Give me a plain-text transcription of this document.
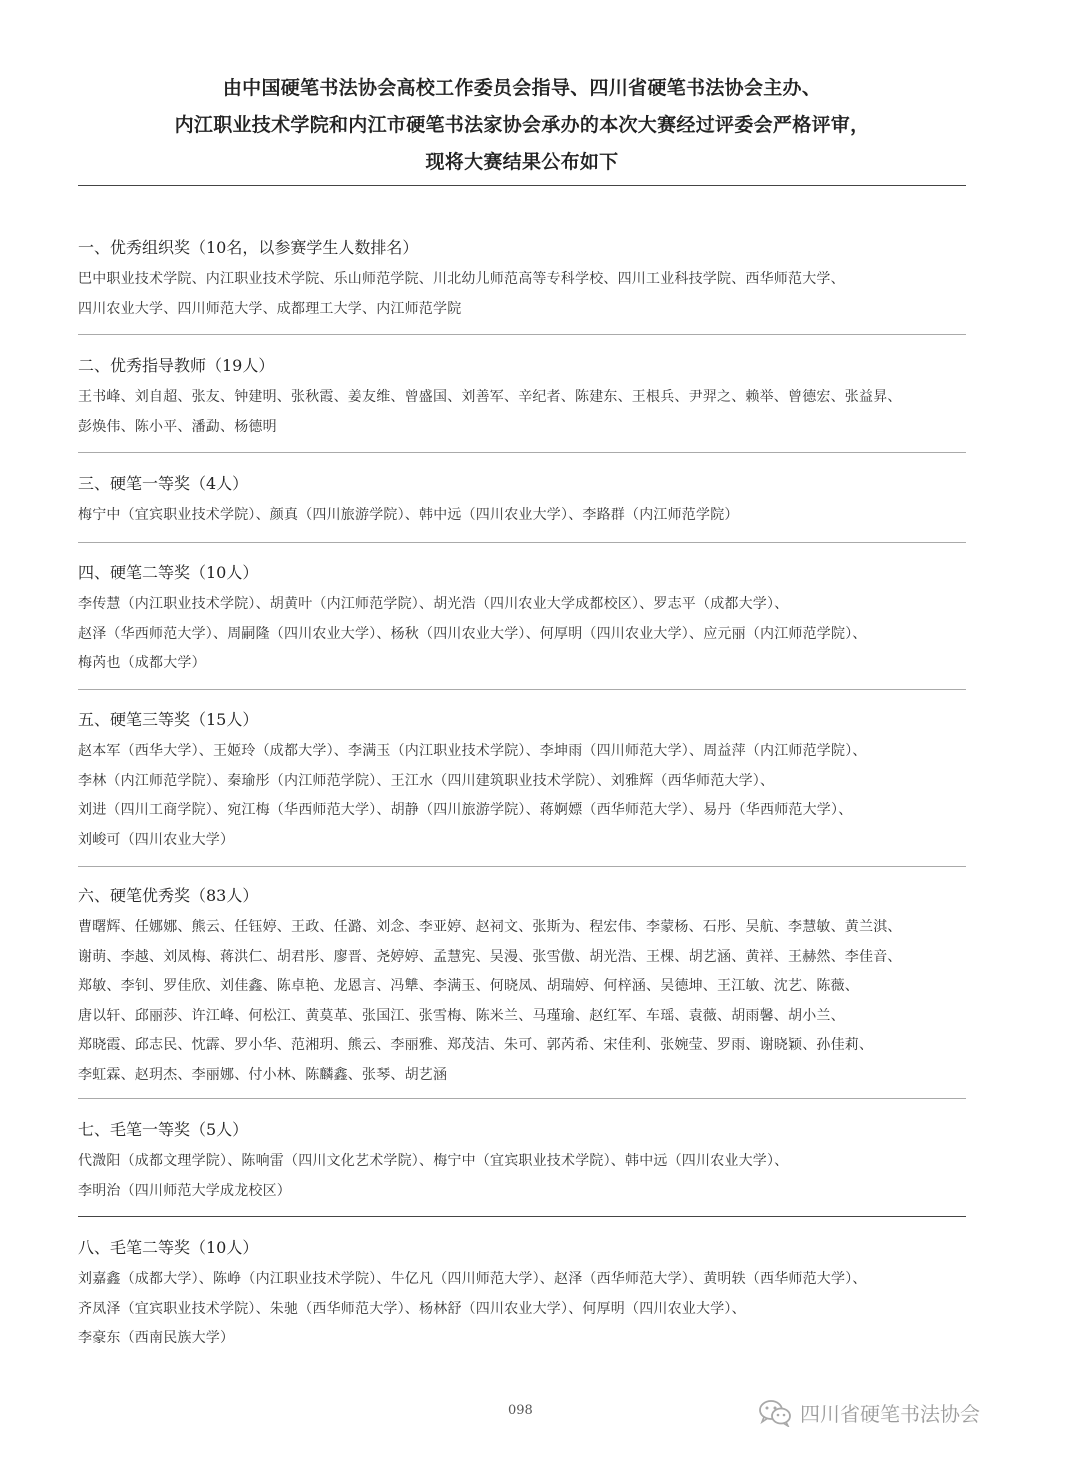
由中国硬笔书法协会高校工作委员会指导、四川省硬笔书法协会主办、
内江职业技术学院和内江市硬笔书法家协会承办的本次大赛经过评委会严格评审，
现将大赛结果公布如下
一、优秀组织奖（10名，以参赛学生人数排名）
巴中职业技术学院、内江职业技术学院、乐山师范学院、川北幼儿师范高等专科学校、四川工业科技学院、西华师范大学、
四川农业大学、四川师范大学、成都理工大学、内江师范学院
二、优秀指导教师（19人）
王书峰、刘自超、张友、钟建明、张秋霞、姜友维、曾盛国、刘善军、辛纪者、陈建东、王根兵、尹羿之、赖举、曾德宏、张益昇、
彭焕伟、陈小平、潘勐、杨德明
三、硬笔一等奖（4人）
梅宁中（宜宾职业技术学院）、颜真（四川旅游学院）、韩中远（四川农业大学）、李路群（内江师范学院）
四、硬笔二等奖（10人）
李传慧（内江职业技术学院）、胡黄叶（内江师范学院）、胡光浩（四川农业大学成都校区）、罗志平（成都大学）、
赵泽（华西师范大学）、周嗣隆（四川农业大学）、杨秋（四川农业大学）、何厚明（四川农业大学）、应元丽（内江师范学院）、
梅芮也（成都大学）
五、硬笔三等奖（15人）
赵本军（西华大学）、王姬玲（成都大学）、李满玉（内江职业技术学院）、李坤雨（四川师范大学）、周益萍（内江师范学院）、
李林（内江师范学院）、秦瑜彤（内江师范学院）、王江水（四川建筑职业技术学院）、刘雅辉（西华师范大学）、
刘进（四川工商学院）、宛江梅（华西师范大学）、胡静（四川旅游学院）、蒋婀嫖（西华师范大学）、易丹（华西师范大学）、
刘峻可（四川农业大学）
六、硬笔优秀奖（83人）
曹曙辉、任娜娜、熊云、任钰婷、王政、任潞、刘念、李亚婷、赵祠文、张斯为、程宏伟、李蒙杨、石彤、吴航、李慧敏、黄兰淇、
谢萌、李越、刘凤梅、蒋洪仁、胡君彤、廖晋、尧婷婷、孟慧宪、吴漫、张雪傲、胡光浩、王棵、胡艺涵、黄祥、王赫然、李佳音、
郑敏、李钊、罗佳欣、刘佳鑫、陈卓艳、龙恩言、冯犨、李满玉、何晓凤、胡瑞婷、何梓涵、吴德坤、王江敏、沈艺、陈薇、
唐以轩、邱丽莎、许江峰、何松江、黄莫革、张国江、张雪梅、陈米兰、马瑾瑜、赵红军、车瑶、袁薇、胡雨馨、胡小兰、
郑晓霞、邱志民、忱霹、罗小华、范湘玥、熊云、李丽雅、郑茂洁、朱可、郭芮希、宋佳利、张婉莹、罗雨、谢晓颖、孙佳莉、
李虹霖、赵玥杰、李丽娜、付小林、陈麟鑫、张琴、胡艺涵
七、毛笔一等奖（5人）
代溦阳（成都文理学院）、陈响雷（四川文化艺术学院）、梅宁中（宜宾职业技术学院）、韩中远（四川农业大学）、
李明治（四川师范大学成龙校区）
八、毛笔二等奖（10人）
刘嘉鑫（成都大学）、陈峥（内江职业技术学院）、牛亿凡（四川师范大学）、赵泽（西华师范大学）、黄明轶（西华师范大学）、
齐凤泽（宜宾职业技术学院）、朱驰（西华师范大学）、杨林舒（四川农业大学）、何厚明（四川农业大学）、
李豪东（西南民族大学）
098	四川省硬笔书法协会
